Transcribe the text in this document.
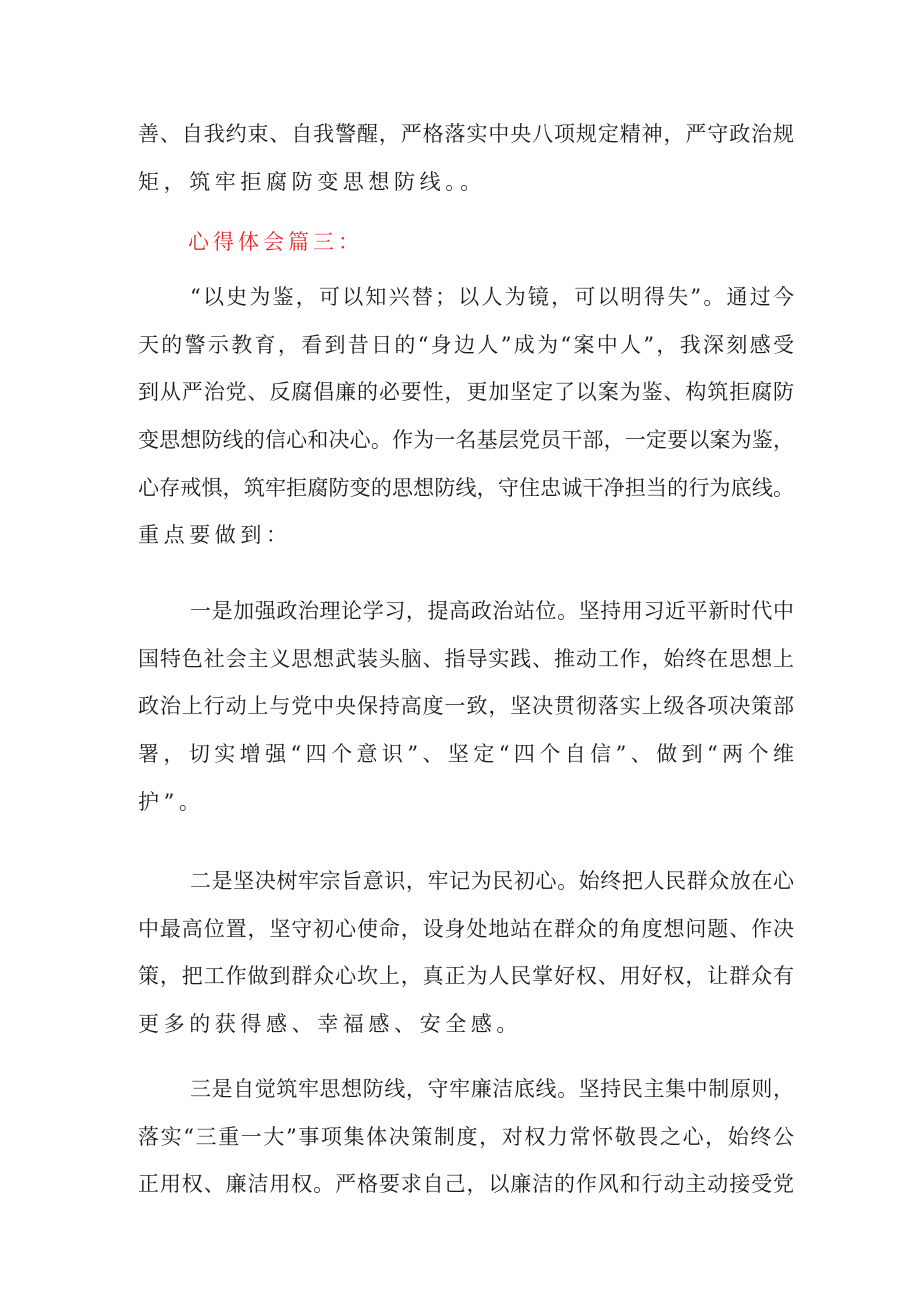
善、自我约束、自我警醒，严格落实中央八项规定精神，严守政治规
矩，筑牢拒腐防变思想防线。。
心得体会篇三：
“以史为鉴，可以知兴替；以人为镜，可以明得失”。通过今
天的警示教育，看到昔日的“身边人”成为“案中人”，我深刻感受
到从严治党、反腐倡廉的必要性，更加坚定了以案为鉴、构筑拒腐防
变思想防线的信心和决心。作为一名基层党员干部，一定要以案为鉴，
心存戒惧，筑牢拒腐防变的思想防线，守住忠诚干净担当的行为底线。
重点要做到：
一是加强政治理论学习，提高政治站位。坚持用习近平新时代中
国特色社会主义思想武装头脑、指导实践、推动工作，始终在思想上
政治上行动上与党中央保持高度一致，坚决贯彻落实上级各项决策部
署，切实增强“四个意识”、坚定“四个自信”、做到“两个维
护”。
二是坚决树牢宗旨意识，牢记为民初心。始终把人民群众放在心
中最高位置，坚守初心使命，设身处地站在群众的角度想问题、作决
策，把工作做到群众心坎上，真正为人民掌好权、用好权，让群众有
更多的获得感、幸福感、安全感。
三是自觉筑牢思想防线，守牢廉洁底线。坚持民主集中制原则，
落实“三重一大”事项集体决策制度，对权力常怀敬畏之心，始终公
正用权、廉洁用权。严格要求自己，以廉洁的作风和行动主动接受党
